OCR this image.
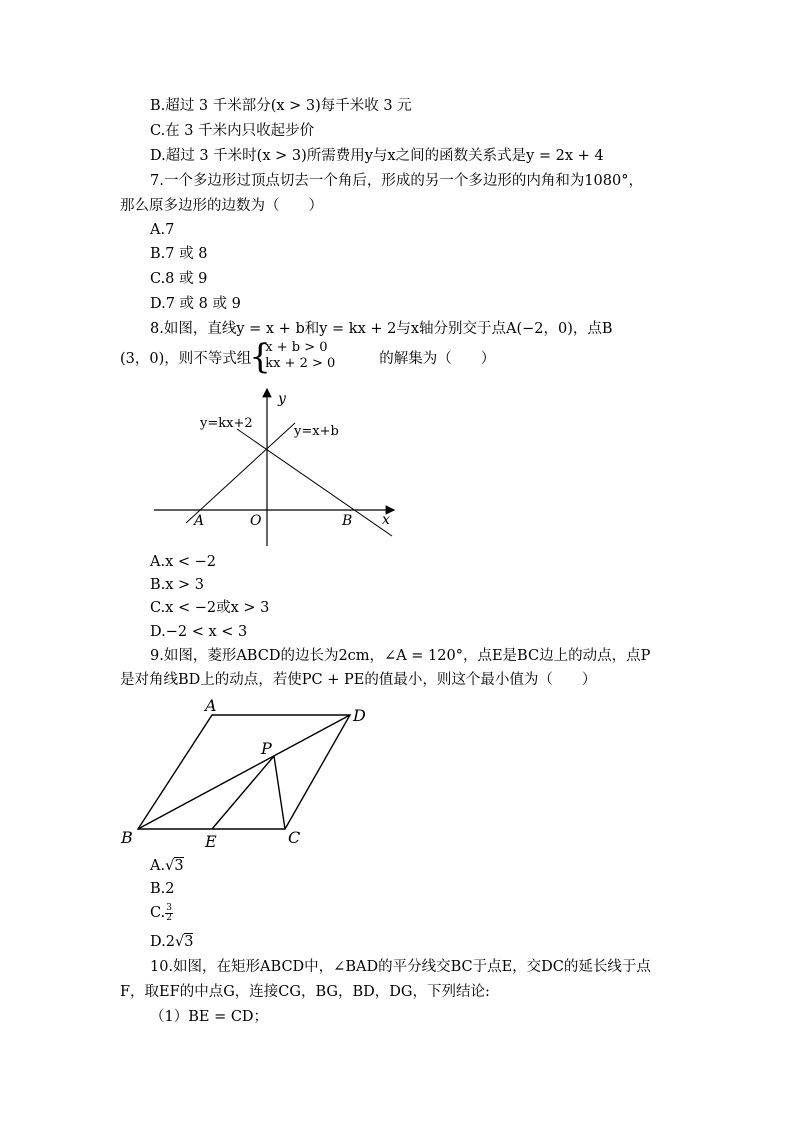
B.超过 3 千米部分(x > 3)每千米收 3 元
C.在 3 千米内只收起步价
D.超过 3 千米时(x > 3)所需费用y与x之间的函数关系式是y = 2x + 4
7.一个多边形过顶点切去一个角后，形成的另一个多边形的内角和为1080°，
那么原多边形的边数为（　　）
A.7
B.7 或 8
C.8 或 9
D.7 或 8 或 9
8.如图，直线y = x + b和y = kx + 2与x轴分别交于点A(−2，0)，点B
(3，0)，则不等式组
{
x + b > 0
kx + 2 > 0	的解集为（　　）
y
x
O
A	B
y=kx+2
y=x+b
A.x < −2
B.x > 3
C.x < −2或x > 3
D.−2 < x < 3
9.如图，菱形ABCD的边长为2cm，∠A = 120°，点E是BC边上的动点，点P
是对角线BD上的动点，若使PC + PE的值最小，则这个最小值为（　　）
A
D
P
B	E	C
A.√3
B.2
C. $\frac{3}{2}$
D.2√3
10.如图，在矩形ABCD中，∠BAD的平分线交BC于点E，交DC的延长线于点
F，取EF的中点G，连接CG，BG，BD，DG，下列结论:
（1）BE = CD；
